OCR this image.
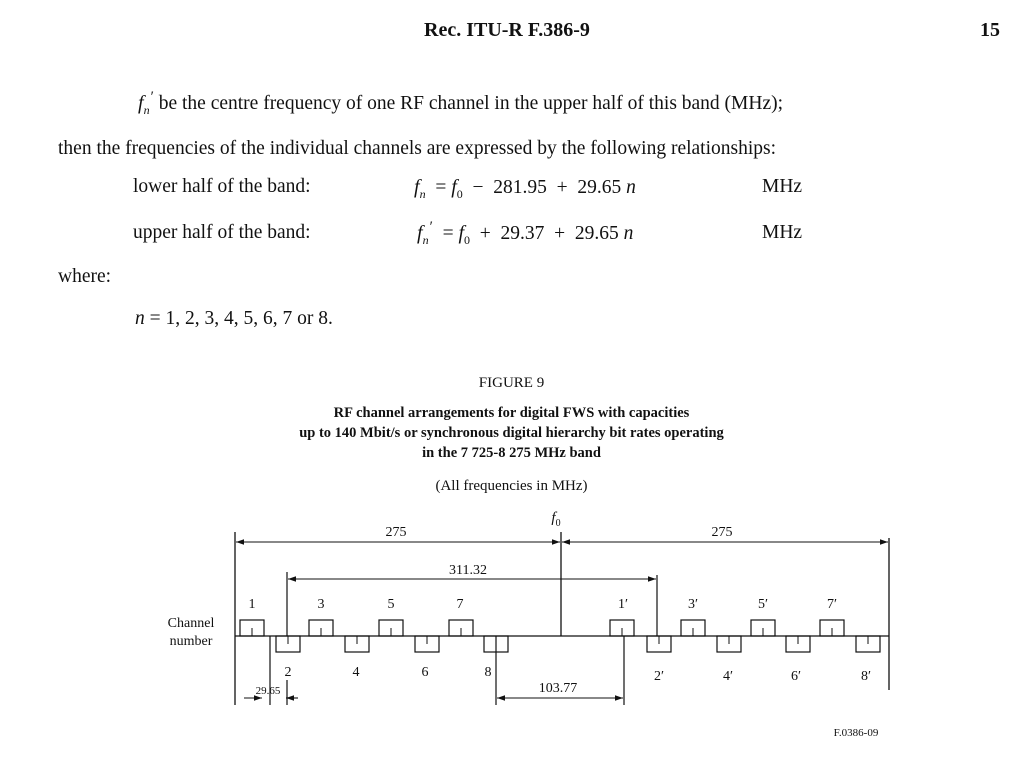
Rec. ITU-R F.386-9	15
$f_n'$ be the centre frequency of one RF channel in the upper half of this band (MHz);
then the frequencies of the individual channels are expressed by the following relationships:
lower half of the band:	$f_n = f_0 - 281.95 + 29.65$ n	MHz
upper half of the band:	$f_n' = f_0 + 29.37 + 29.65$ n	MHz
where:
n = 1, 2, 3, 4, 5, 6, 7 or 8.
FIGURE 9
RF channel arrangements for digital FWS with capacities
up to 140 Mbit/s or synchronous digital hierarchy bit rates operating
in the 7 725-8 275 MHz band
(All frequencies in MHz)
275	275
$f_0$
311.32
103.77
29.65
Channel
number
1	3	5	7
2	4	6	8
1′	3′	5′	7′
2′	4′	6′	8′
F.0386-09
